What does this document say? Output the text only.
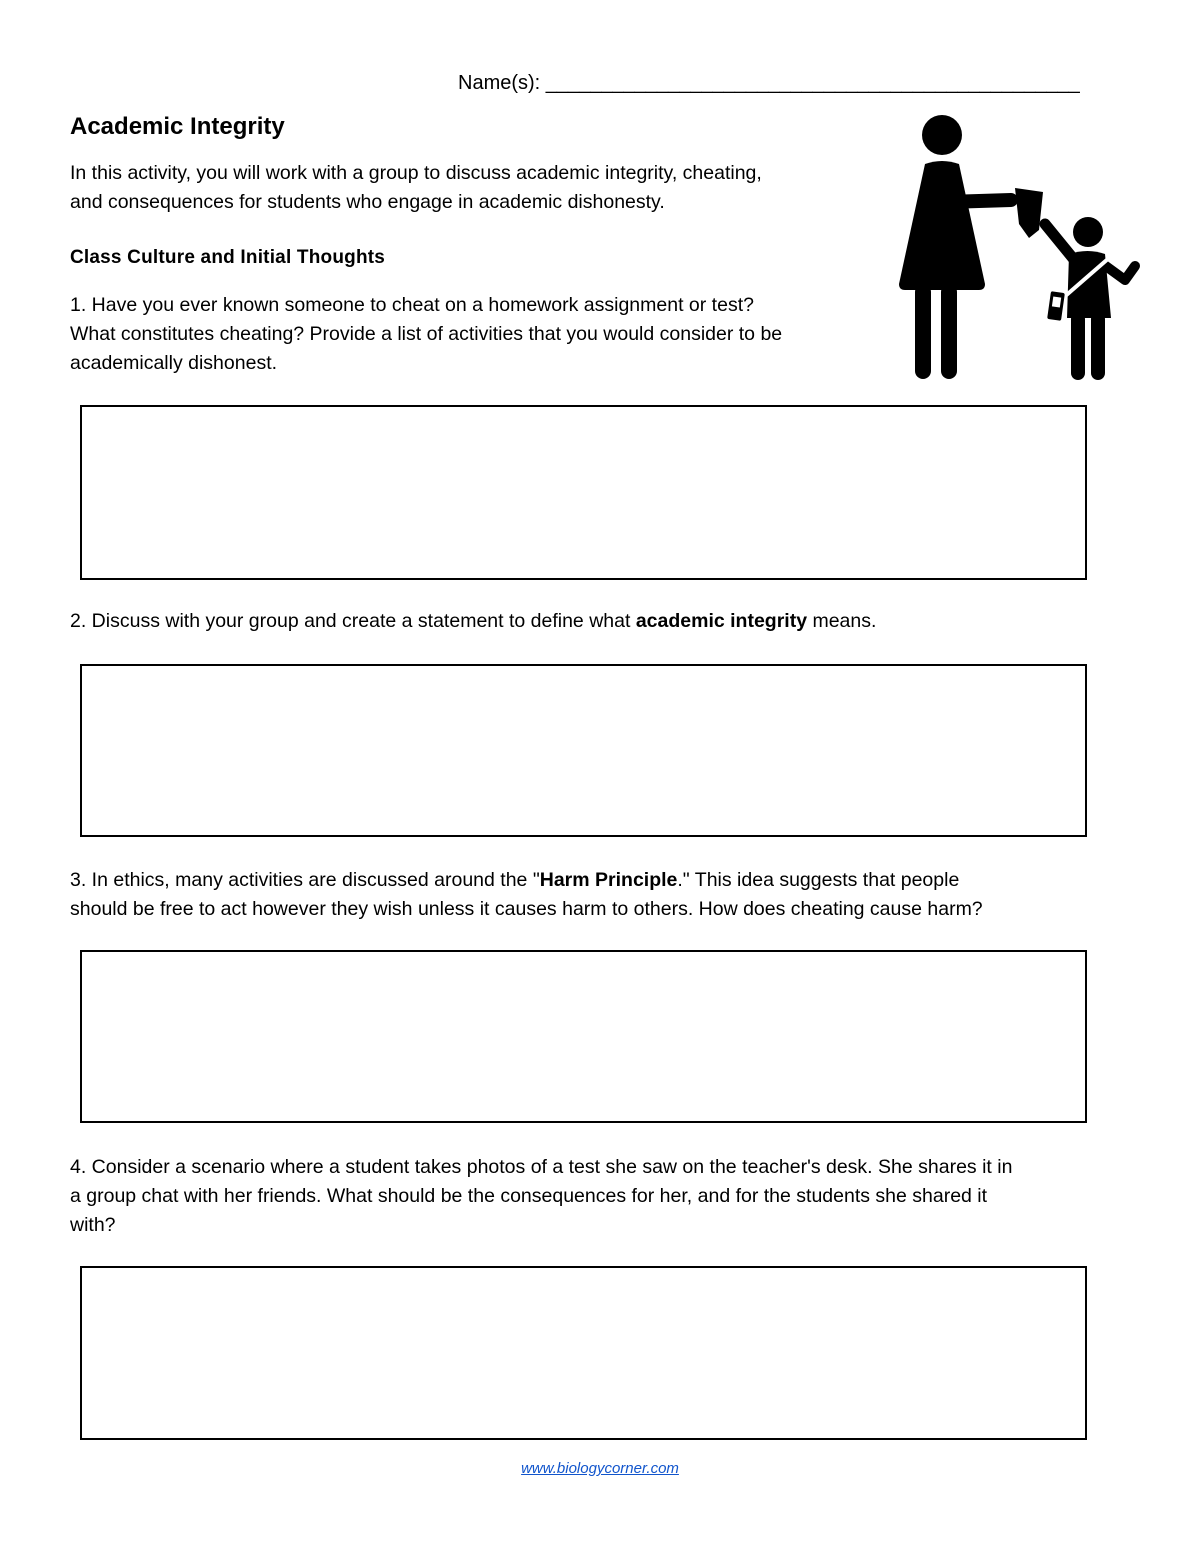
Name(s): ________________________________________________
Academic Integrity
In this activity, you will work with a group to discuss academic integrity, cheating,
and consequences for students who engage in academic dishonesty.
Class Culture and Initial Thoughts
1. Have you ever known someone to cheat on a homework assignment or test?
What constitutes cheating? Provide a list of activities that you would consider to be
academically dishonest.
2. Discuss with your group and create a statement to define what academic integrity means.
3. In ethics, many activities are discussed around the "Harm Principle." This idea suggests that people
should be free to act however they wish unless it causes harm to others. How does cheating cause harm?
4. Consider a scenario where a student takes photos of a test she saw on the teacher's desk. She shares it in
a group chat with her friends. What should be the consequences for her, and for the students she shared it
with?
www.biologycorner.com
